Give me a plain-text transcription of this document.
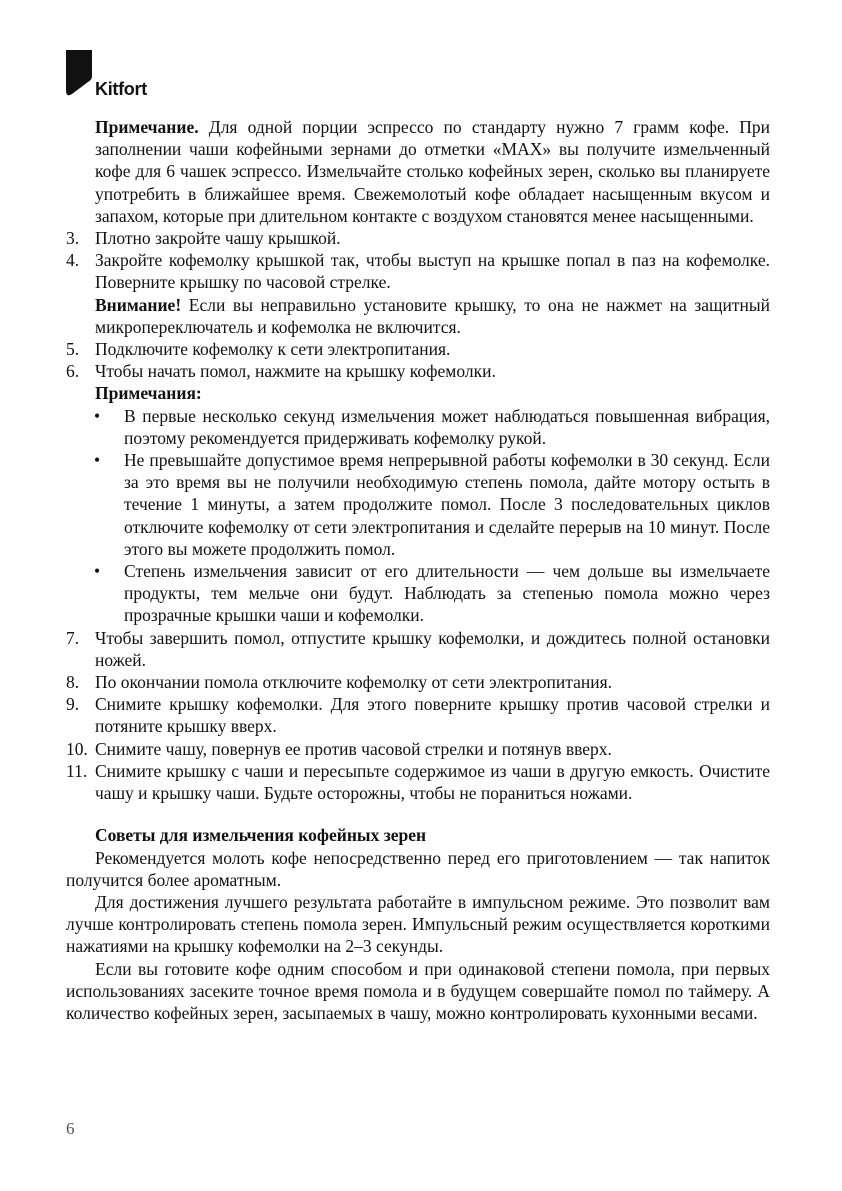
Kitfort
Примечание. Для одной порции эспрессо по стандарту нужно 7 грамм кофе. При заполнении чаши кофейными зернами до отметки «MAX» вы получите измельченный кофе для 6 чашек эспрессо. Измельчайте столько кофейных зерен, сколько вы планируете употребить в ближайшее время. Свежемолотый кофе обладает насыщенным вкусом и запахом, которые при длительном контакте с воздухом становятся менее насыщенными.
3. Плотно закройте чашу крышкой.
4. Закройте кофемолку крышкой так, чтобы выступ на крышке попал в паз на кофемолке. Поверните крышку по часовой стрелке.
Внимание! Если вы неправильно установите крышку, то она не нажмет на защитный микропереключатель и кофемолка не включится.
5. Подключите кофемолку к сети электропитания.
6. Чтобы начать помол, нажмите на крышку кофемолки.
Примечания:
• В первые несколько секунд измельчения может наблюдаться повышенная вибрация, поэтому рекомендуется придерживать кофемолку рукой.
• Не превышайте допустимое время непрерывной работы кофемолки в 30 секунд. Если за это время вы не получили необходимую степень помола, дайте мотору остыть в течение 1 минуты, а затем продолжите помол. После 3 последовательных циклов отключите кофемолку от сети электропитания и сделайте перерыв на 10 минут. После этого вы можете продолжить помол.
• Степень измельчения зависит от его длительности — чем дольше вы измельчаете продукты, тем мельче они будут. Наблюдать за степенью помола можно через прозрачные крышки чаши и кофемолки.
7. Чтобы завершить помол, отпустите крышку кофемолки, и дождитесь полной остановки ножей.
8. По окончании помола отключите кофемолку от сети электропитания.
9. Снимите крышку кофемолки. Для этого поверните крышку против часовой стрелки и потяните крышку вверх.
10. Снимите чашу, повернув ее против часовой стрелки и потянув вверх.
11. Снимите крышку с чаши и пересыпьте содержимое из чаши в другую емкость. Очистите чашу и крышку чаши. Будьте осторожны, чтобы не пораниться ножами.
Советы для измельчения кофейных зерен
Рекомендуется молоть кофе непосредственно перед его приготовлением — так напиток получится более ароматным.
Для достижения лучшего результата работайте в импульсном режиме. Это позволит вам лучше контролировать степень помола зерен. Импульсный режим осуществляется короткими нажатиями на крышку кофемолки на 2–3 секунды.
Если вы готовите кофе одним способом и при одинаковой степени помола, при первых использованиях засеките точное время помола и в будущем совершайте помол по таймеру. А количество кофейных зерен, засыпаемых в чашу, можно контролировать кухонными весами.
6
